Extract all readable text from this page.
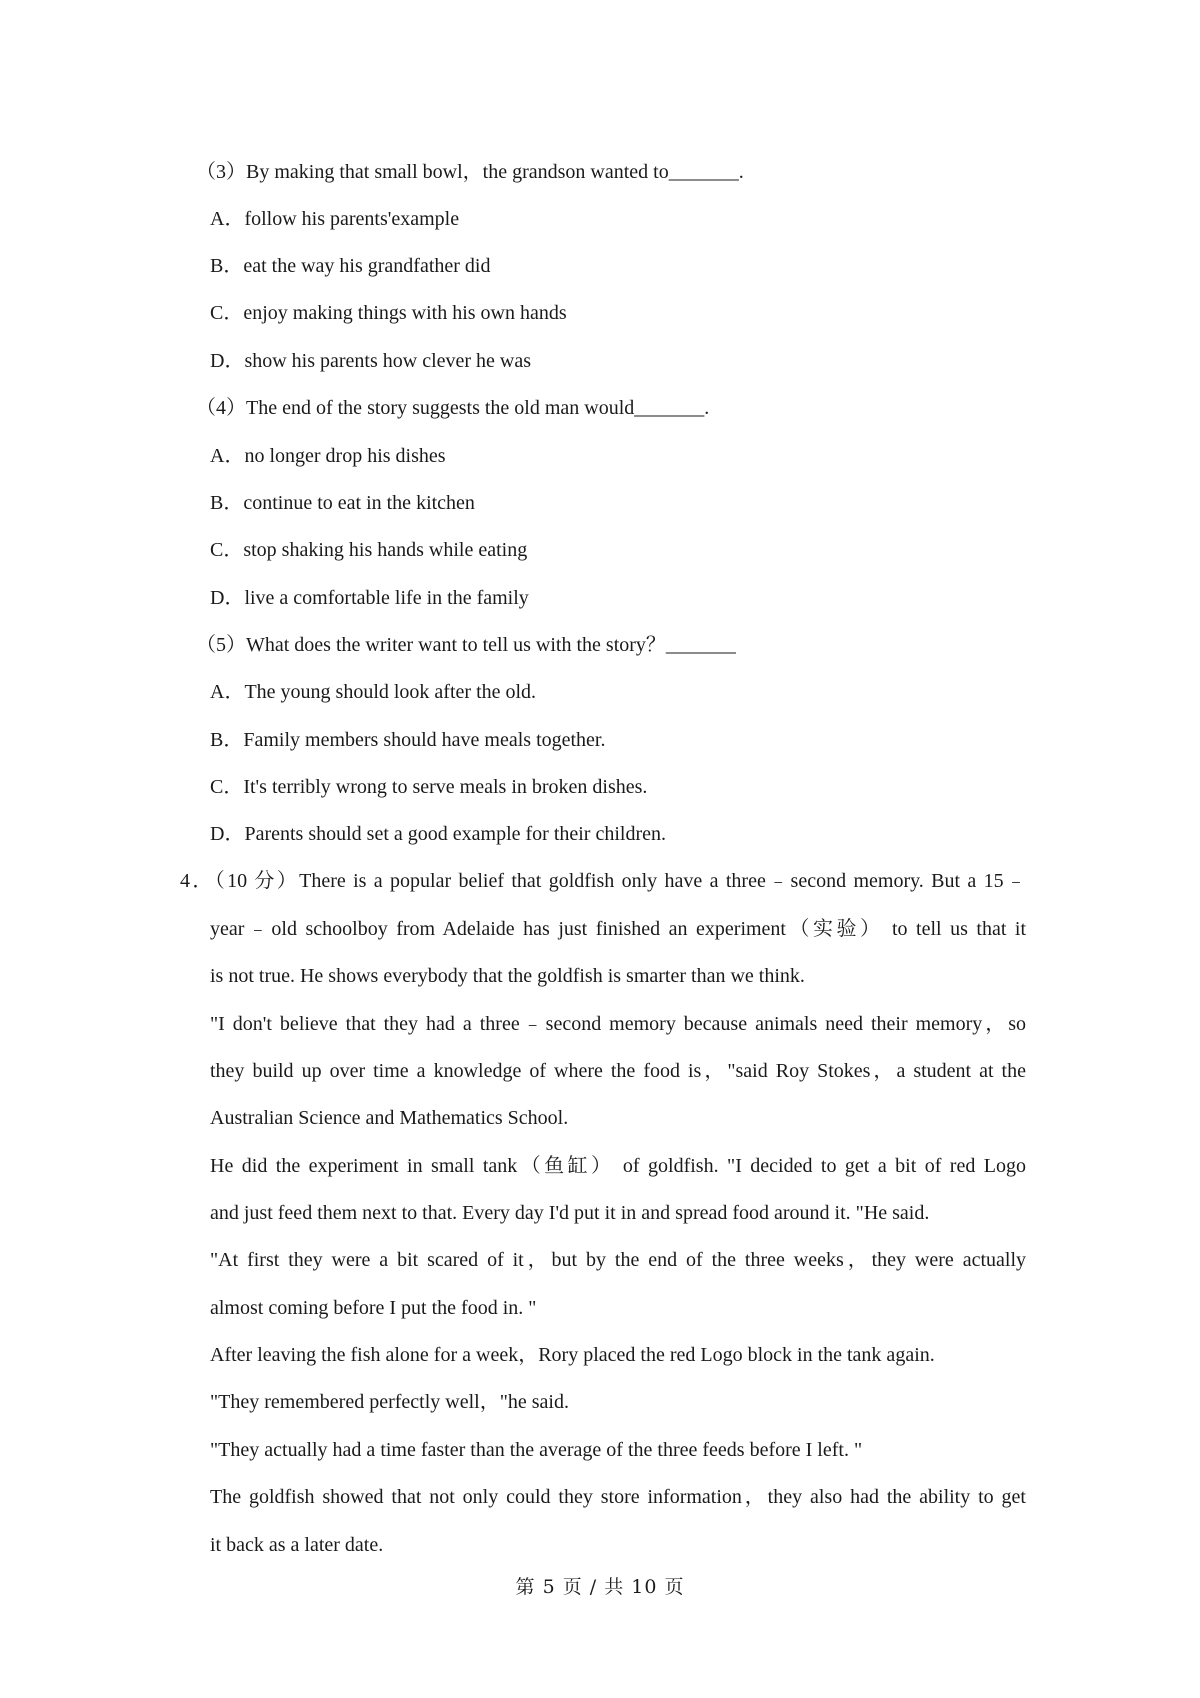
（3）By making that small bowl，the grandson wanted to_______.

A．follow his parents'example

B．eat the way his grandfather did

C．enjoy making things with his own hands

D．show his parents how clever he was

（4）The end of the story suggests the old man would_______.

A．no longer drop his dishes

B．continue to eat in the kitchen

C．stop shaking his hands while eating

D．live a comfortable life in the family

（5）What does the writer want to tell us with the story？_______

A．The young should look after the old.

B．Family members should have meals together.

C．It's terribly wrong to serve meals in broken dishes.

D．Parents should set a good example for their children.

4．（10 分）There is a popular belief that goldfish only have a three﹣second memory. But a 15﹣

year﹣old schoolboy from Adelaide has just finished an experiment（实验） to tell us that it

is not true. He shows everybody that the goldfish is smarter than we think.

"I don't believe that they had a three﹣second memory because animals need their memory，so

they build up over time a knowledge of where the food is，"said Roy Stokes，a student at the

Australian Science and Mathematics School.

He did the experiment in small tank（鱼缸） of goldfish. "I decided to get a bit of red Logo

and just feed them next to that. Every day I'd put it in and spread food around it. "He said.

"At first they were a bit scared of it，but by the end of the three weeks，they were actually

almost coming before I put the food in. "

After leaving the fish alone for a week，Rory placed the red Logo block in the tank again.

"They remembered perfectly well，"he said.

"They actually had a time faster than the average of the three feeds before I left. "

The goldfish showed that not only could they store information，they also had the ability to get

it back as a later date.

第 5 页 / 共 10 页
